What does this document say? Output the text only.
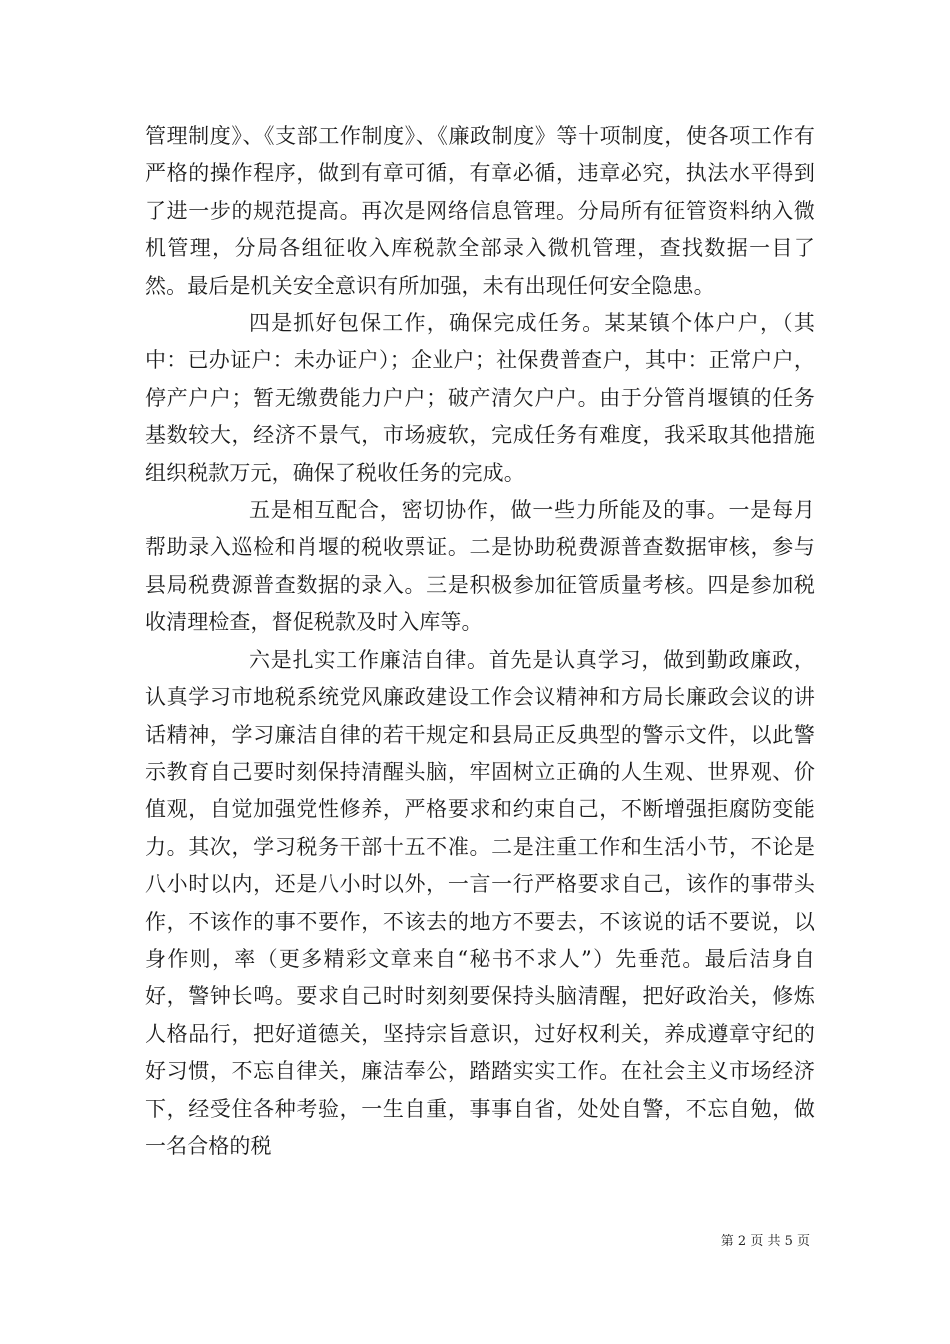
管理制度》、《支部工作制度》、《廉政制度》等十项制度，使各项工作有严格的操作程序，做到有章可循，有章必循，违章必究，执法水平得到了进一步的规范提高。再次是网络信息管理。分局所有征管资料纳入微机管理，分局各组征收入库税款全部录入微机管理，查找数据一目了然。最后是机关安全意识有所加强，未有出现任何安全隐患。

四是抓好包保工作，确保完成任务。某某镇个体户户，（其中：已办证户：未办证户）；企业户；社保费普查户，其中：正常户户，停产户户；暂无缴费能力户户；破产清欠户户。由于分管肖堰镇的任务基数较大，经济不景气，市场疲软，完成任务有难度，我采取其他措施组织税款万元，确保了税收任务的完成。

五是相互配合，密切协作，做一些力所能及的事。一是每月帮助录入巡检和肖堰的税收票证。二是协助税费源普查数据审核，参与县局税费源普查数据的录入。三是积极参加征管质量考核。四是参加税收清理检查，督促税款及时入库等。

六是扎实工作廉洁自律。首先是认真学习，做到勤政廉政，认真学习市地税系统党风廉政建设工作会议精神和方局长廉政会议的讲话精神，学习廉洁自律的若干规定和县局正反典型的警示文件，以此警示教育自己要时刻保持清醒头脑，牢固树立正确的人生观、世界观、价值观，自觉加强党性修养，严格要求和约束自己，不断增强拒腐防变能力。其次，学习税务干部十五不准。二是注重工作和生活小节，不论是八小时以内，还是八小时以外，一言一行严格要求自己，该作的事带头作，不该作的事不要作，不该去的地方不要去，不该说的话不要说，以身作则，率（更多精彩文章来自“秘书不求人”）先垂范。最后洁身自好，警钟长鸣。要求自己时时刻刻要保持头脑清醒，把好政治关，修炼人格品行，把好道德关，坚持宗旨意识，过好权利关，养成遵章守纪的好习惯，不忘自律关，廉洁奉公，踏踏实实工作。在社会主义市场经济下，经受住各种考验，一生自重，事事自省，处处自警，不忘自勉，做一名合格的税

第 2 页 共 5 页
